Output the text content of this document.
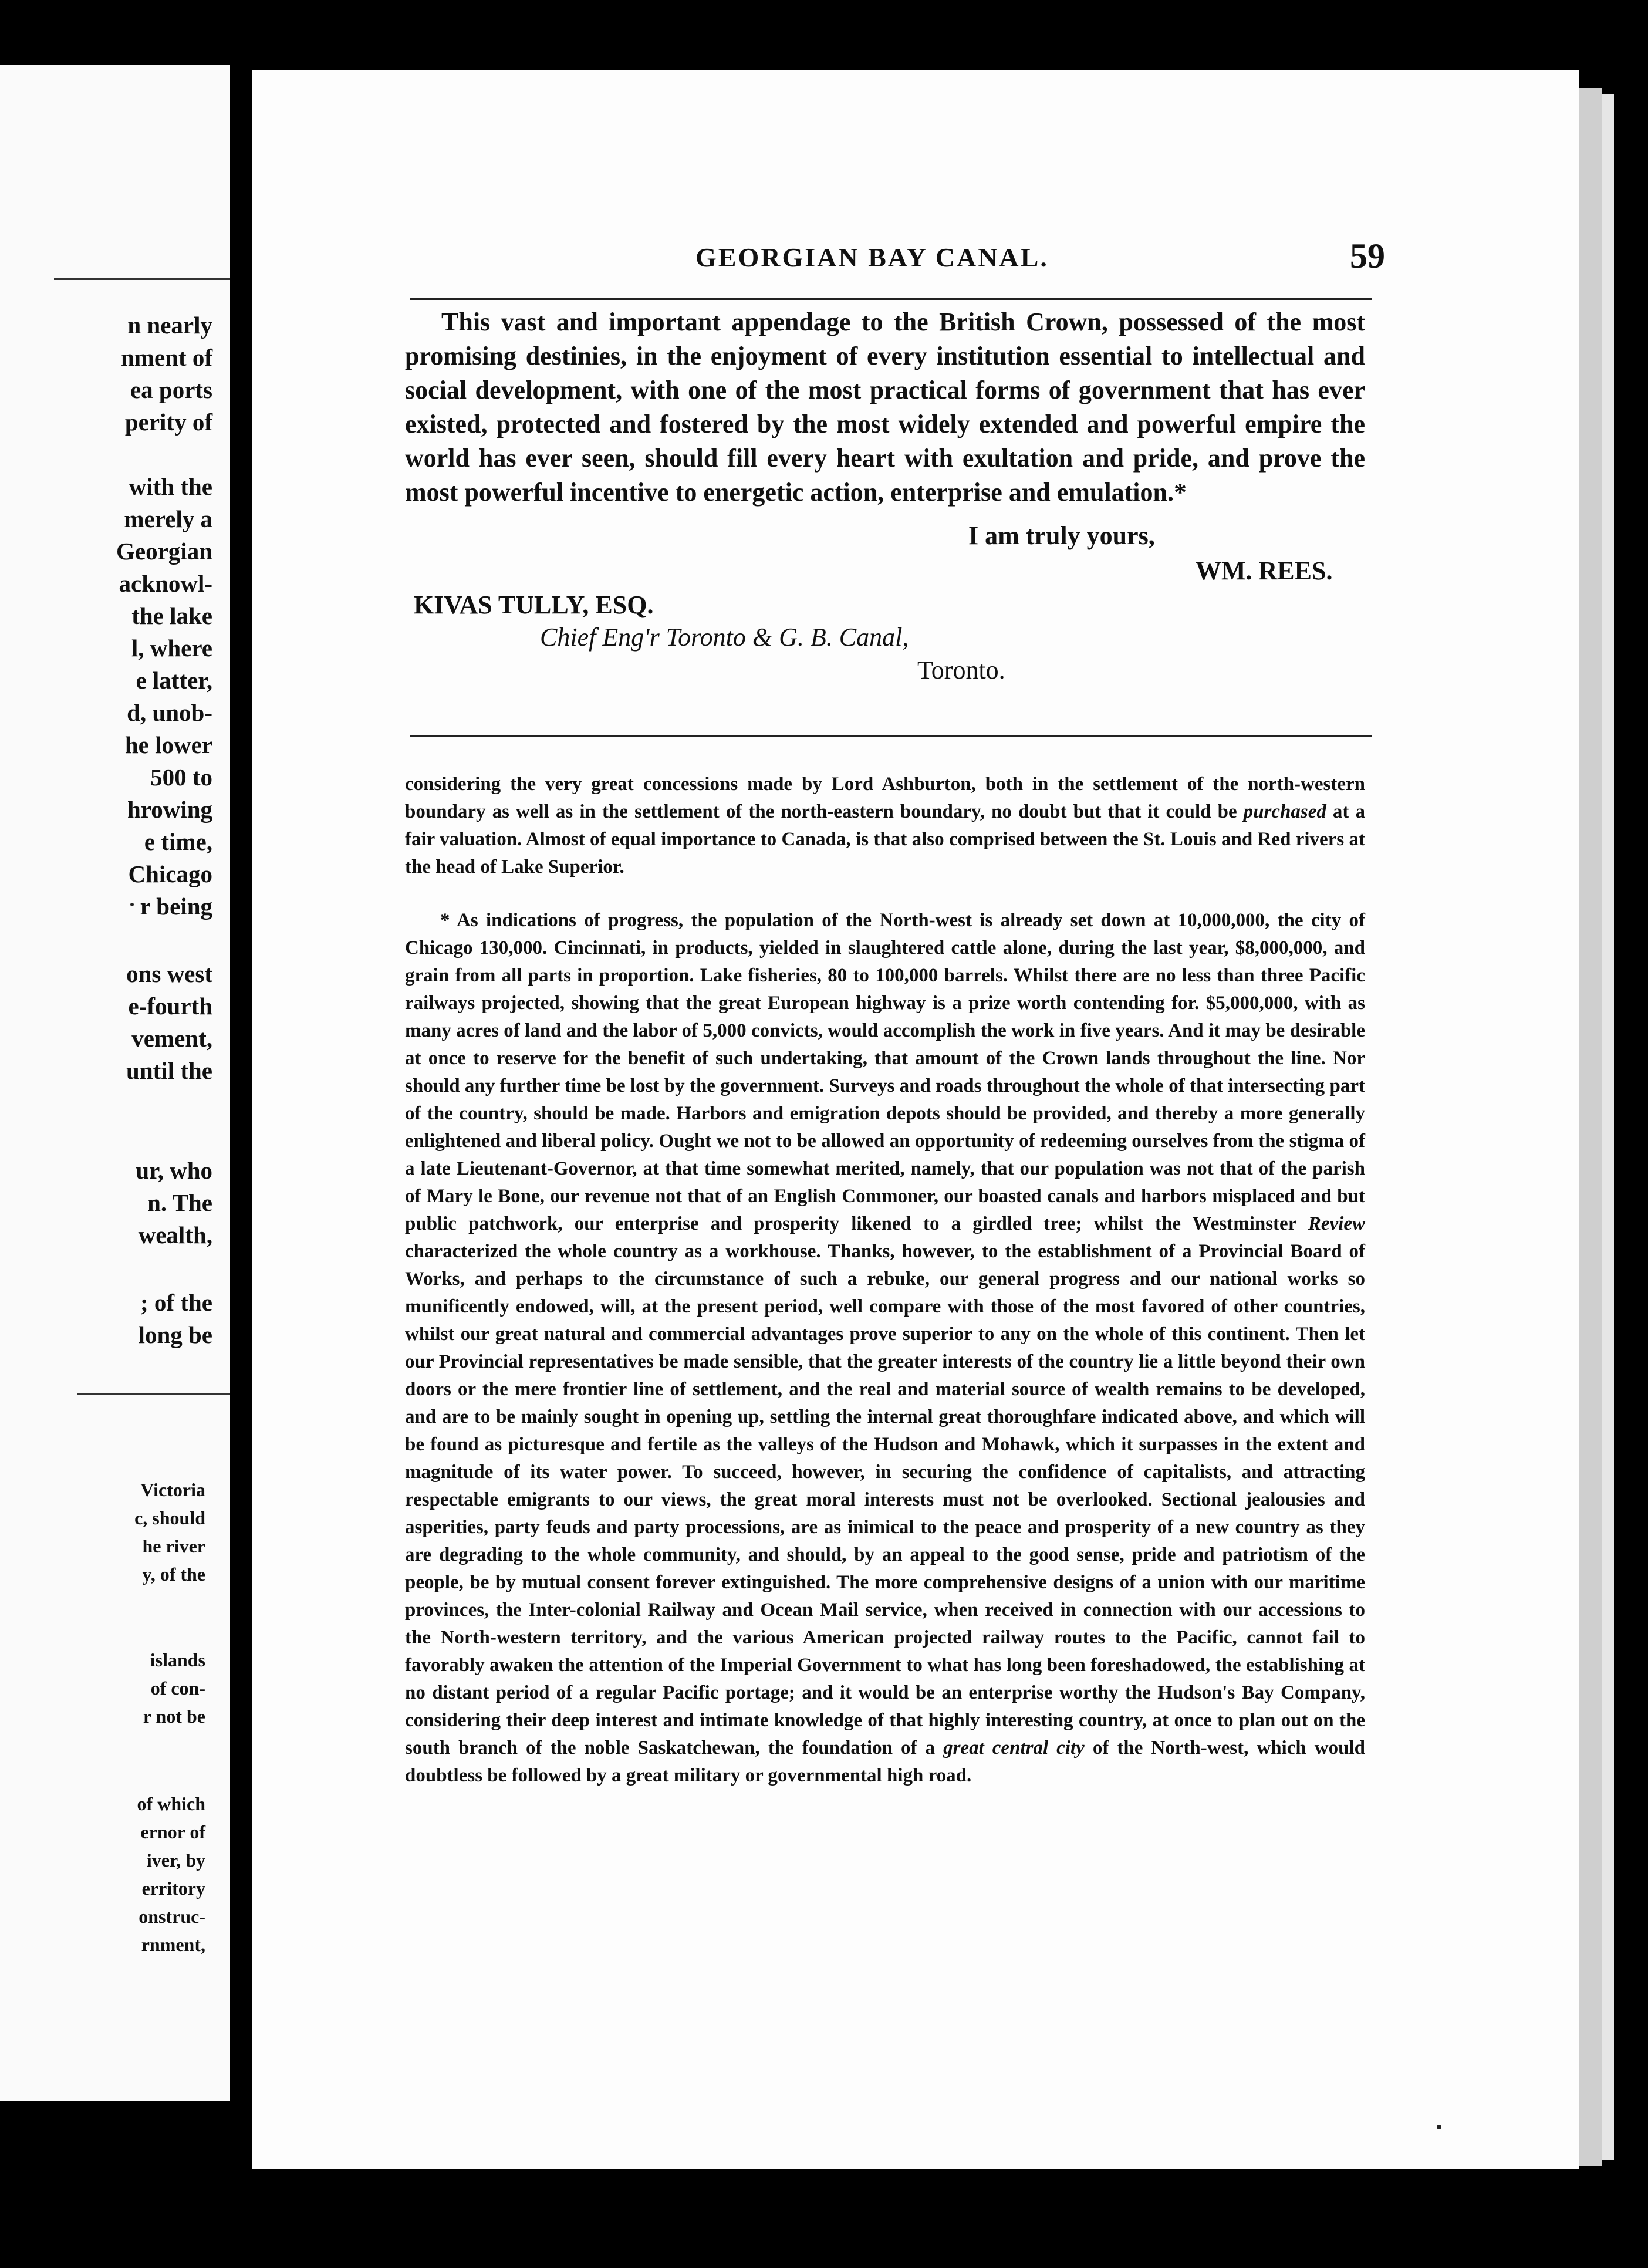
n nearly
nment of
ea ports
perity of
with the
merely a
Georgian
acknowl-
the lake
l, where
e latter,
d, unob-
he lower
500 to
hrowing
e time,
Chicago
r being
ons west
e-fourth
vement,
until the
ur, who
n. The
wealth,
; of the
long be
Victoria
c, should
he river
y, of the
islands
of con-
r not be
of which
ernor of
iver, by
erritory
onstruc-
rnment,
GEORGIAN BAY CANAL.	59

This vast and important appendage to the British Crown, possessed of the most promising destinies, in the enjoyment of every institution essential to intellectual and social development, with one of the most practical forms of government that has ever existed, protected and fostered by the most widely extended and powerful empire the world has ever seen, should fill every heart with exultation and pride, and prove the most powerful incentive to energetic action, enterprise and emulation.*

I am truly yours,
WM. REES.
KIVAS TULLY, ESQ.
Chief Eng'r Toronto & G. B. Canal,
Toronto.
considering the very great concessions made by Lord Ashburton, both in the settlement of the north-western boundary as well as in the settlement of the north-eastern boundary, no doubt but that it could be purchased at a fair valuation. Almost of equal importance to Canada, is that also comprised between the St. Louis and Red rivers at the head of Lake Superior.

* As indications of progress, the population of the North-west is already set down at 10,000,000, the city of Chicago 130,000. Cincinnati, in products, yielded in slaughtered cattle alone, during the last year, $8,000,000, and grain from all parts in proportion. Lake fisheries, 80 to 100,000 barrels. Whilst there are no less than three Pacific railways projected, showing that the great European highway is a prize worth contending for. $5,000,000, with as many acres of land and the labor of 5,000 convicts, would accomplish the work in five years. And it may be desirable at once to reserve for the benefit of such undertaking, that amount of the Crown lands throughout the line. Nor should any further time be lost by the government. Surveys and roads throughout the whole of that intersecting part of the country, should be made. Harbors and emigration depots should be provided, and thereby a more generally enlightened and liberal policy. Ought we not to be allowed an opportunity of redeeming ourselves from the stigma of a late Lieutenant-Governor, at that time somewhat merited, namely, that our population was not that of the parish of Mary le Bone, our revenue not that of an English Commoner, our boasted canals and harbors misplaced and but public patchwork, our enterprise and prosperity likened to a girdled tree; whilst the Westminster Review characterized the whole country as a workhouse. Thanks, however, to the establishment of a Provincial Board of Works, and perhaps to the circumstance of such a rebuke, our general progress and our national works so munificently endowed, will, at the present period, well compare with those of the most favored of other countries, whilst our great natural and commercial advantages prove superior to any on the whole of this continent. Then let our Provincial representatives be made sensible, that the greater interests of the country lie a little beyond their own doors or the mere frontier line of settlement, and the real and material source of wealth remains to be developed, and are to be mainly sought in opening up, settling the internal great thoroughfare indicated above, and which will be found as picturesque and fertile as the valleys of the Hudson and Mohawk, which it surpasses in the extent and magnitude of its water power. To succeed, however, in securing the confidence of capitalists, and attracting respectable emigrants to our views, the great moral interests must not be overlooked. Sectional jealousies and asperities, party feuds and party processions, are as inimical to the peace and prosperity of a new country as they are degrading to the whole community, and should, by an appeal to the good sense, pride and patriotism of the people, be by mutual consent forever extinguished. The more comprehensive designs of a union with our maritime provinces, the Inter-colonial Railway and Ocean Mail service, when received in connection with our accessions to the North-western territory, and the various American projected railway routes to the Pacific, cannot fail to favorably awaken the attention of the Imperial Government to what has long been foreshadowed, the establishing at no distant period of a regular Pacific portage; and it would be an enterprise worthy the Hudson's Bay Company, considering their deep interest and intimate knowledge of that highly interesting country, at once to plan out on the south branch of the noble Saskatchewan, the foundation of a great central city of the North-west, which would doubtless be followed by a great military or governmental high road.
